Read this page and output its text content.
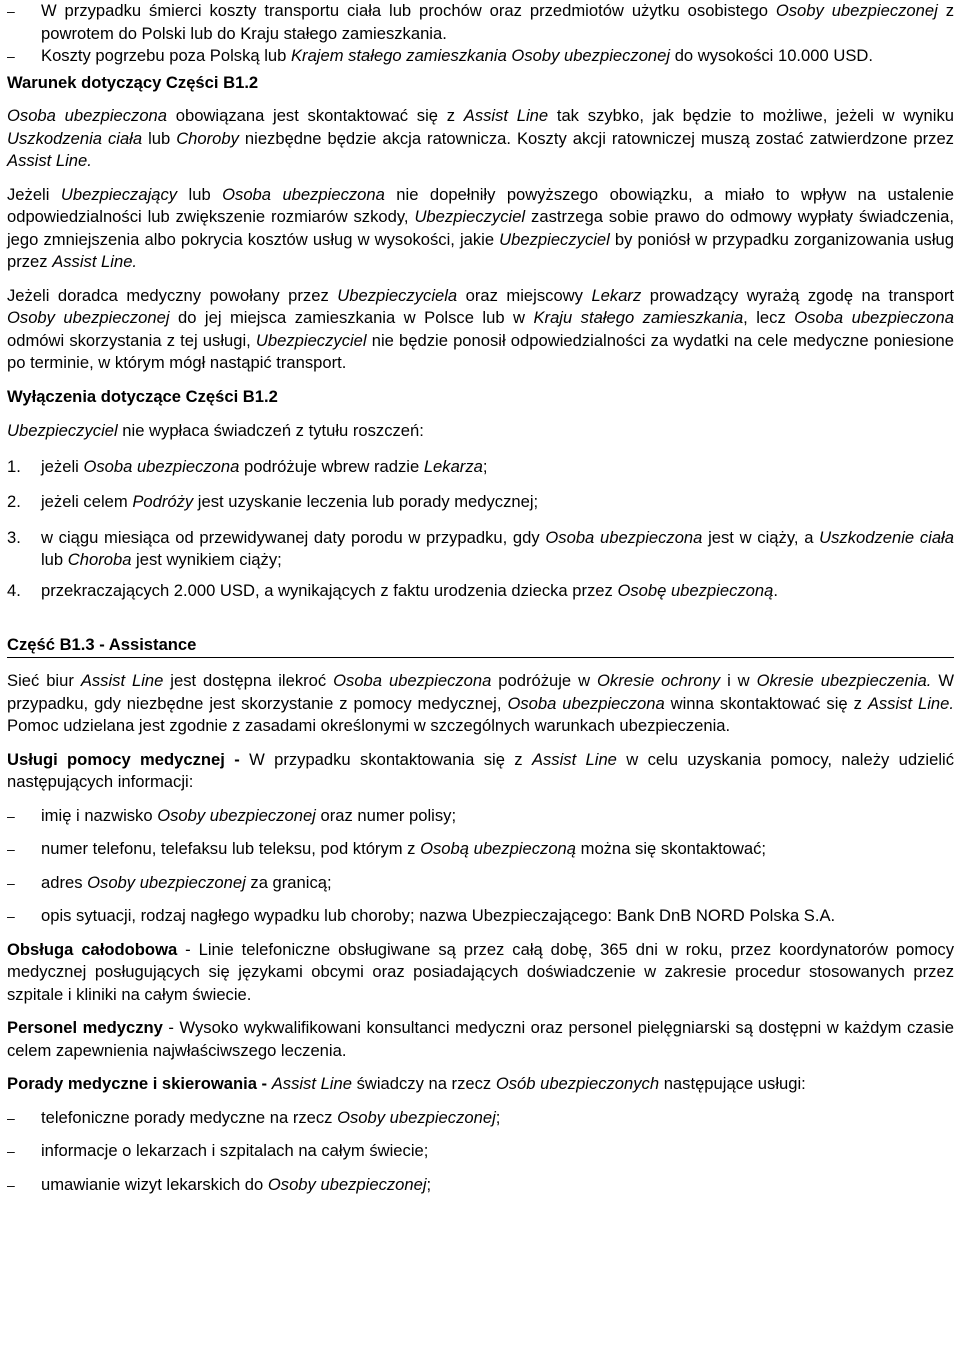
–	W przypadku śmierci koszty transportu ciała lub prochów oraz przedmiotów użytku osobistego Osoby ubezpieczonej z powrotem do Polski lub do Kraju stałego zamieszkania.
–	Koszty pogrzebu poza Polską lub Krajem stałego zamieszkania Osoby ubezpieczonej do wysokości 10.000 USD.

Warunek dotyczący Części B1.2

Osoba ubezpieczona obowiązana jest skontaktować się z Assist Line tak szybko, jak będzie to możliwe, jeżeli w wyniku Uszkodzenia ciała lub Choroby niezbędne będzie akcja ratownicza. Koszty akcji ratowniczej muszą zostać zatwierdzone przez Assist Line.

Jeżeli Ubezpieczający lub Osoba ubezpieczona nie dopełniły powyższego obowiązku, a miało to wpływ na ustalenie odpowiedzialności lub zwiększenie rozmiarów szkody, Ubezpieczyciel zastrzega sobie prawo do odmowy wypłaty świadczenia, jego zmniejszenia albo pokrycia kosztów usług w wysokości, jakie Ubezpieczyciel by poniósł w przypadku zorganizowania usług przez Assist Line.

Jeżeli doradca medyczny powołany przez Ubezpieczyciela oraz miejscowy Lekarz prowadzący wyrażą zgodę na transport Osoby ubezpieczonej do jej miejsca zamieszkania w Polsce lub w Kraju stałego zamieszkania, lecz Osoba ubezpieczona odmówi skorzystania z tej usługi, Ubezpieczyciel nie będzie ponosił odpowiedzialności za wydatki na cele medyczne poniesione po terminie, w którym mógł nastąpić transport.

Wyłączenia dotyczące Części B1.2

Ubezpieczyciel nie wypłaca świadczeń z tytułu roszczeń:

1.	jeżeli Osoba ubezpieczona podróżuje wbrew radzie Lekarza;
2.	jeżeli celem Podróży jest uzyskanie leczenia lub porady medycznej;
3.	w ciągu miesiąca od przewidywanej daty porodu w przypadku, gdy Osoba ubezpieczona jest w ciąży, a Uszkodzenie ciała lub Choroba jest wynikiem ciąży;
4.	przekraczających 2.000 USD, a wynikających z faktu urodzenia dziecka przez Osobę ubezpieczoną.
Część B1.3 - Assistance

Sieć biur Assist Line jest dostępna ilekroć Osoba ubezpieczona podróżuje w Okresie ochrony i w Okresie ubezpieczenia. W przypadku, gdy niezbędne jest skorzystanie z pomocy medycznej, Osoba ubezpieczona winna skontaktować się z Assist Line. Pomoc udzielana jest zgodnie z zasadami określonymi w szczególnych warunkach ubezpieczenia.

Usługi pomocy medycznej - W przypadku skontaktowania się z Assist Line w celu uzyskania pomocy, należy udzielić następujących informacji:

–	imię i nazwisko Osoby ubezpieczonej oraz numer polisy;
–	numer telefonu, telefaksu lub teleksu, pod którym z Osobą ubezpieczoną można się skontaktować;
–	adres Osoby ubezpieczonej za granicą;
–	opis sytuacji, rodzaj nagłego wypadku lub choroby; nazwa Ubezpieczającego: Bank DnB NORD Polska S.A.

Obsługa całodobowa - Linie telefoniczne obsługiwane są przez całą dobę, 365 dni w roku, przez koordynatorów pomocy medycznej posługujących się językami obcymi oraz posiadających doświadczenie w zakresie procedur stosowanych przez szpitale i kliniki na całym świecie.

Personel medyczny - Wysoko wykwalifikowani konsultanci medyczni oraz personel pielęgniarski są dostępni w każdym czasie celem zapewnienia najwłaściwszego leczenia.

Porady medyczne i skierowania - Assist Line świadczy na rzecz Osób ubezpieczonych następujące usługi:

–	telefoniczne porady medyczne na rzecz Osoby ubezpieczonej;
–	informacje o lekarzach i szpitalach na całym świecie;
–	umawianie wizyt lekarskich do Osoby ubezpieczonej;
